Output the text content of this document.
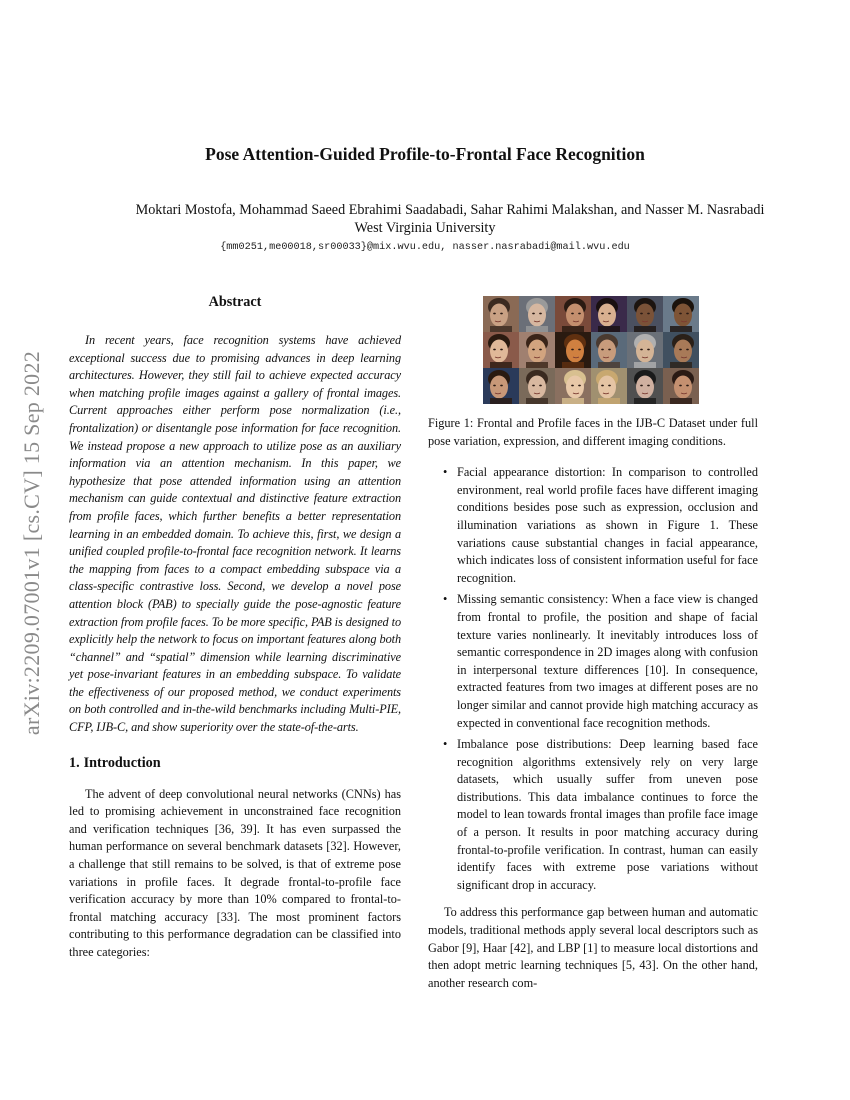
arXiv:2209.07001v1 [cs.CV] 15 Sep 2022
Pose Attention-Guided Profile-to-Frontal Face Recognition
Moktari Mostofa, Mohammad Saeed Ebrahimi Saadabadi, Sahar Rahimi Malakshan, and Nasser M. Nasrabadi
West Virginia University
{mm0251,me00018,sr00033}@mix.wvu.edu, nasser.nasrabadi@mail.wvu.edu
Abstract

In recent years, face recognition systems have achieved exceptional success due to promising advances in deep learning architectures. However, they still fail to achieve expected accuracy when matching profile images against a gallery of frontal images. Current approaches either perform pose normalization (i.e., frontalization) or disentangle pose information for face recognition. We instead propose a new approach to utilize pose as an auxiliary information via an attention mechanism. In this paper, we hypothesize that pose attended information using an attention mechanism can guide contextual and distinctive feature extraction from profile faces, which further benefits a better representation learning in an embedded domain. To achieve this, first, we design a unified coupled profile-to-frontal face recognition network. It learns the mapping from faces to a compact embedding subspace via a class-specific contrastive loss. Second, we develop a novel pose attention block (PAB) to specially guide the pose-agnostic feature extraction from profile faces. To be more specific, PAB is designed to explicitly help the network to focus on important features along both “channel” and “spatial” dimension while learning discriminative yet pose-invariant features in an embedding subspace. To validate the effectiveness of our proposed method, we conduct experiments on both controlled and in-the-wild benchmarks including Multi-PIE, CFP, IJB-C, and show superiority over the state-of-the-arts.

1. Introduction

The advent of deep convolutional neural networks (CNNs) has led to promising achievement in unconstrained face recognition and verification techniques [36, 39]. It has even surpassed the human performance on several benchmark datasets [32]. However, a challenge that still remains to be solved, is that of extreme pose variations in profile faces. It degrade frontal-to-profile face verification accuracy by more than 10% compared to frontal-to-frontal matching accuracy [33]. The most prominent factors contributing to this performance degradation can be classified into three categories:

Figure 1: Frontal and Profile faces in the IJB-C Dataset under full pose variation, expression, and different imaging conditions.

• Facial appearance distortion: In comparison to controlled environment, real world profile faces have different imaging conditions besides pose such as expression, occlusion and illumination variations as shown in Figure 1. These variations cause substantial changes in facial appearance, which indicates loss of consistent information useful for face recognition.
• Missing semantic consistency: When a face view is changed from frontal to profile, the position and shape of facial texture varies nonlinearly. It inevitably introduces loss of semantic correspondence in 2D images along with confusion in interpersonal texture differences [10]. In consequence, extracted features from two images at different poses are no longer similar and cannot provide high matching accuracy as expected in conventional face recognition methods.
• Imbalance pose distributions: Deep learning based face recognition algorithms extensively rely on very large datasets, which usually suffer from uneven pose distributions. This data imbalance continues to force the model to lean towards frontal images than profile face image of a person. It results in poor matching accuracy during frontal-to-profile verification. In contrast, human can easily identify faces with extreme pose variations without significant drop in accuracy.

To address this performance gap between human and automatic models, traditional methods apply several local descriptors such as Gabor [9], Haar [42], and LBP [1] to measure local distortions and then adopt metric learning techniques [5, 43]. On the other hand, another research com-
